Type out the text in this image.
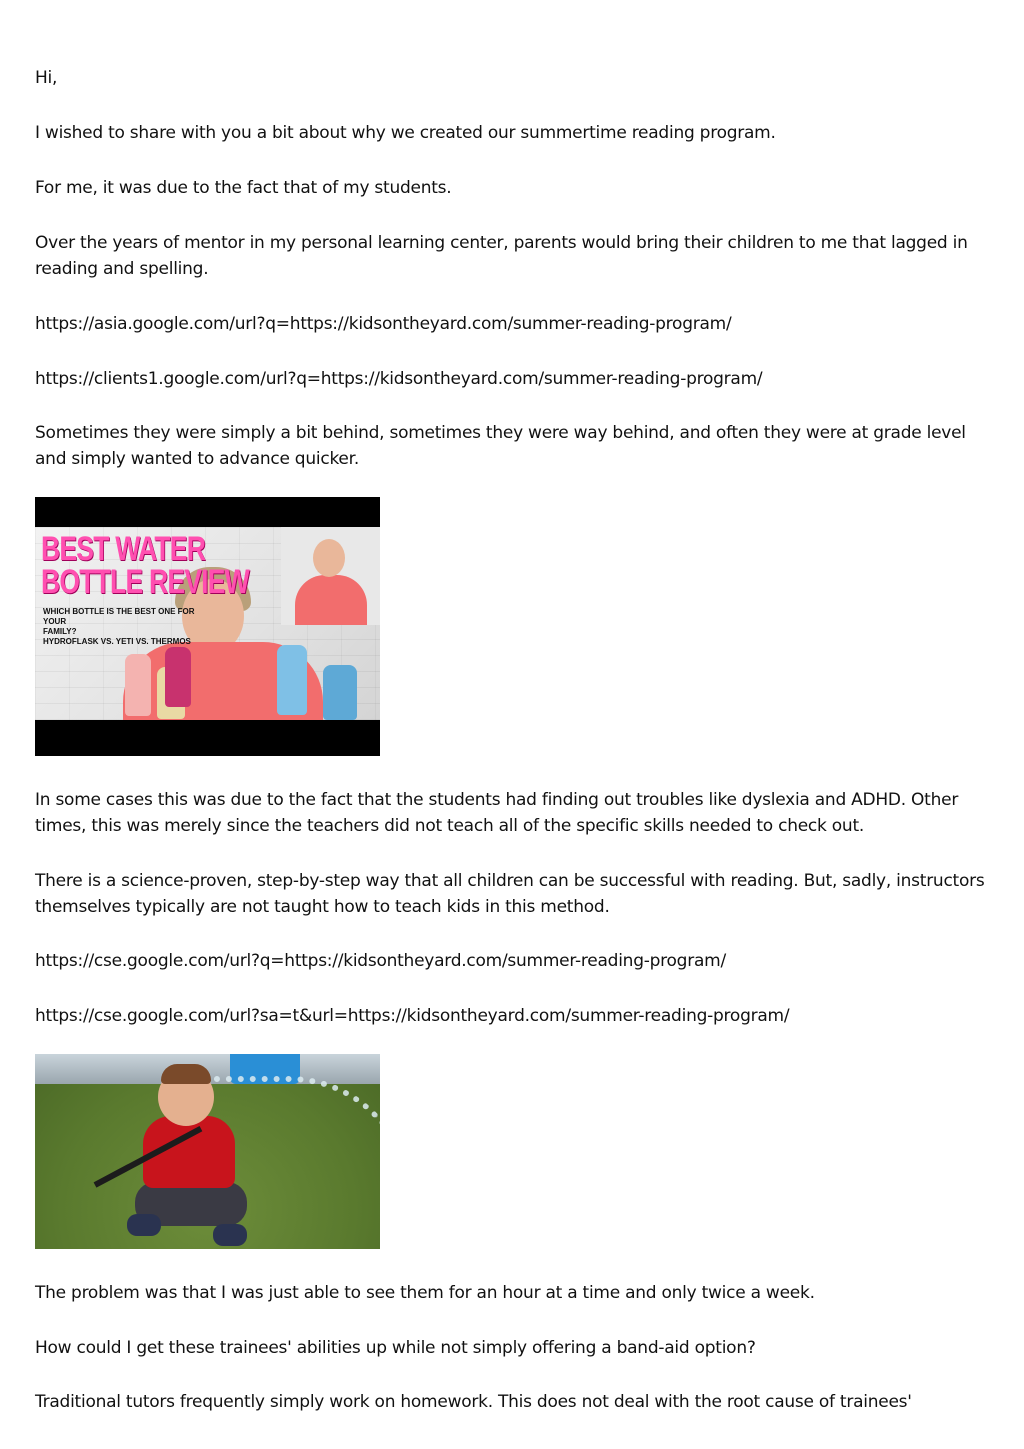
Hi,

I wished to share with you a bit about why we created our summertime reading program.

For me, it was due to the fact that of my students.

Over the years of mentor in my personal learning center, parents would bring their children to me that lagged in reading and spelling.

https://asia.google.com/url?q=https://kidsontheyard.com/summer-reading-program/

https://clients1.google.com/url?q=https://kidsontheyard.com/summer-reading-program/

Sometimes they were simply a bit behind, sometimes they were way behind, and often they were at grade level and simply wanted to advance quicker.

BEST WATER
BOTTLE REVIEW
WHICH BOTTLE IS THE BEST ONE FOR YOUR
FAMILY?
HYDROFLASK VS. YETI VS. THERMOS

In some cases this was due to the fact that the students had finding out troubles like dyslexia and ADHD. Other times, this was merely since the teachers did not teach all of the specific skills needed to check out.

There is a science-proven, step-by-step way that all children can be successful with reading. But, sadly, instructors themselves typically are not taught how to teach kids in this method.

https://cse.google.com/url?q=https://kidsontheyard.com/summer-reading-program/

https://cse.google.com/url?sa=t&url=https://kidsontheyard.com/summer-reading-program/

The problem was that I was just able to see them for an hour at a time and only twice a week.

How could I get these trainees' abilities up while not simply offering a band-aid option?

Traditional tutors frequently simply work on homework. This does not deal with the root cause of trainees'
